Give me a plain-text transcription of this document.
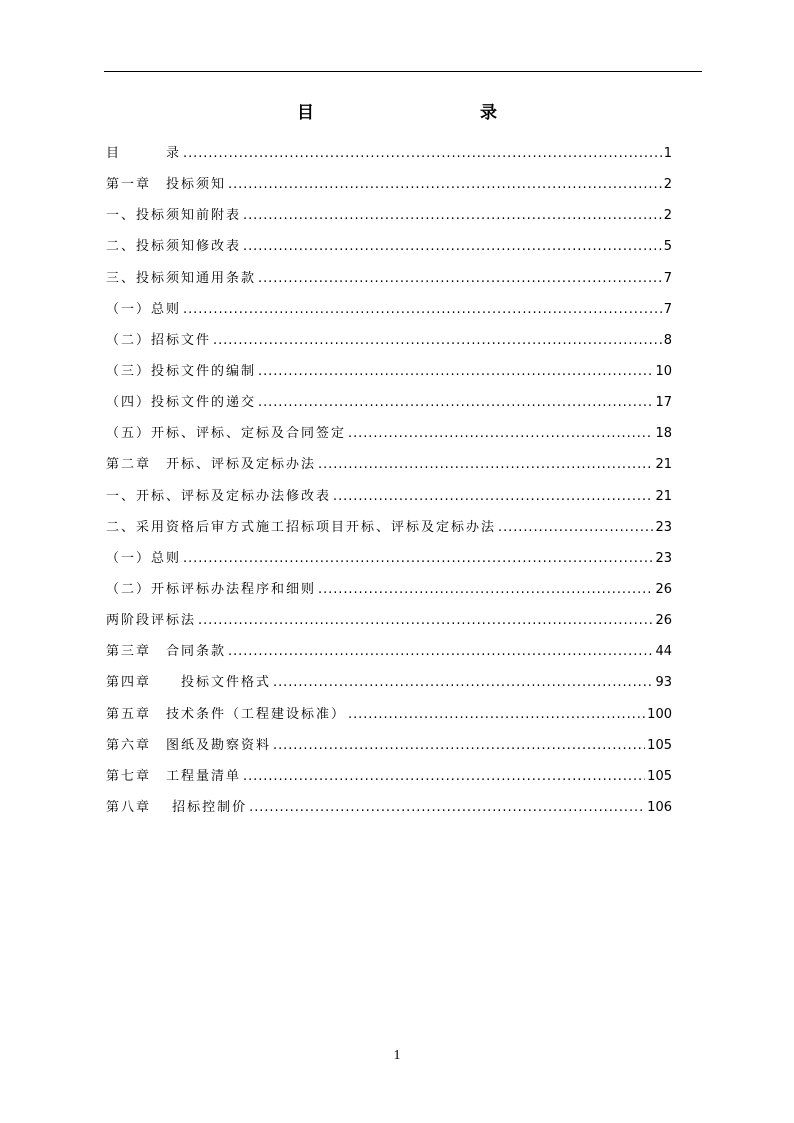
目　　录
目　　　录 . . .	1
第一章　投标须知 . . .	2
一、投标须知前附表 . . .	2
二、投标须知修改表 . . .	5
三、投标须知通用条款 . . .	7
（一）总则 . . .	7
（二）招标文件 . . .	8
（三）投标文件的编制 . . .	10
（四）投标文件的递交 . . .	17
（五）开标、评标、定标及合同签定 . . .	18
第二章　开标、评标及定标办法 . . .	21
一、开标、评标及定标办法修改表 . . .	21
二、采用资格后审方式施工招标项目开标、评标及定标办法 . . .	23
（一）总则 . . .	23
（二）开标评标办法程序和细则 . . .	26
两阶段评标法 . . .	26
第三章　合同条款 . . .	44
第四章　　投标文件格式 . . .	93
第五章　技术条件（工程建设标准） . . .	100
第六章　图纸及勘察资料 . . .	105
第七章　工程量清单 . . .	105
第八章　 招标控制价 . . .	106
1
